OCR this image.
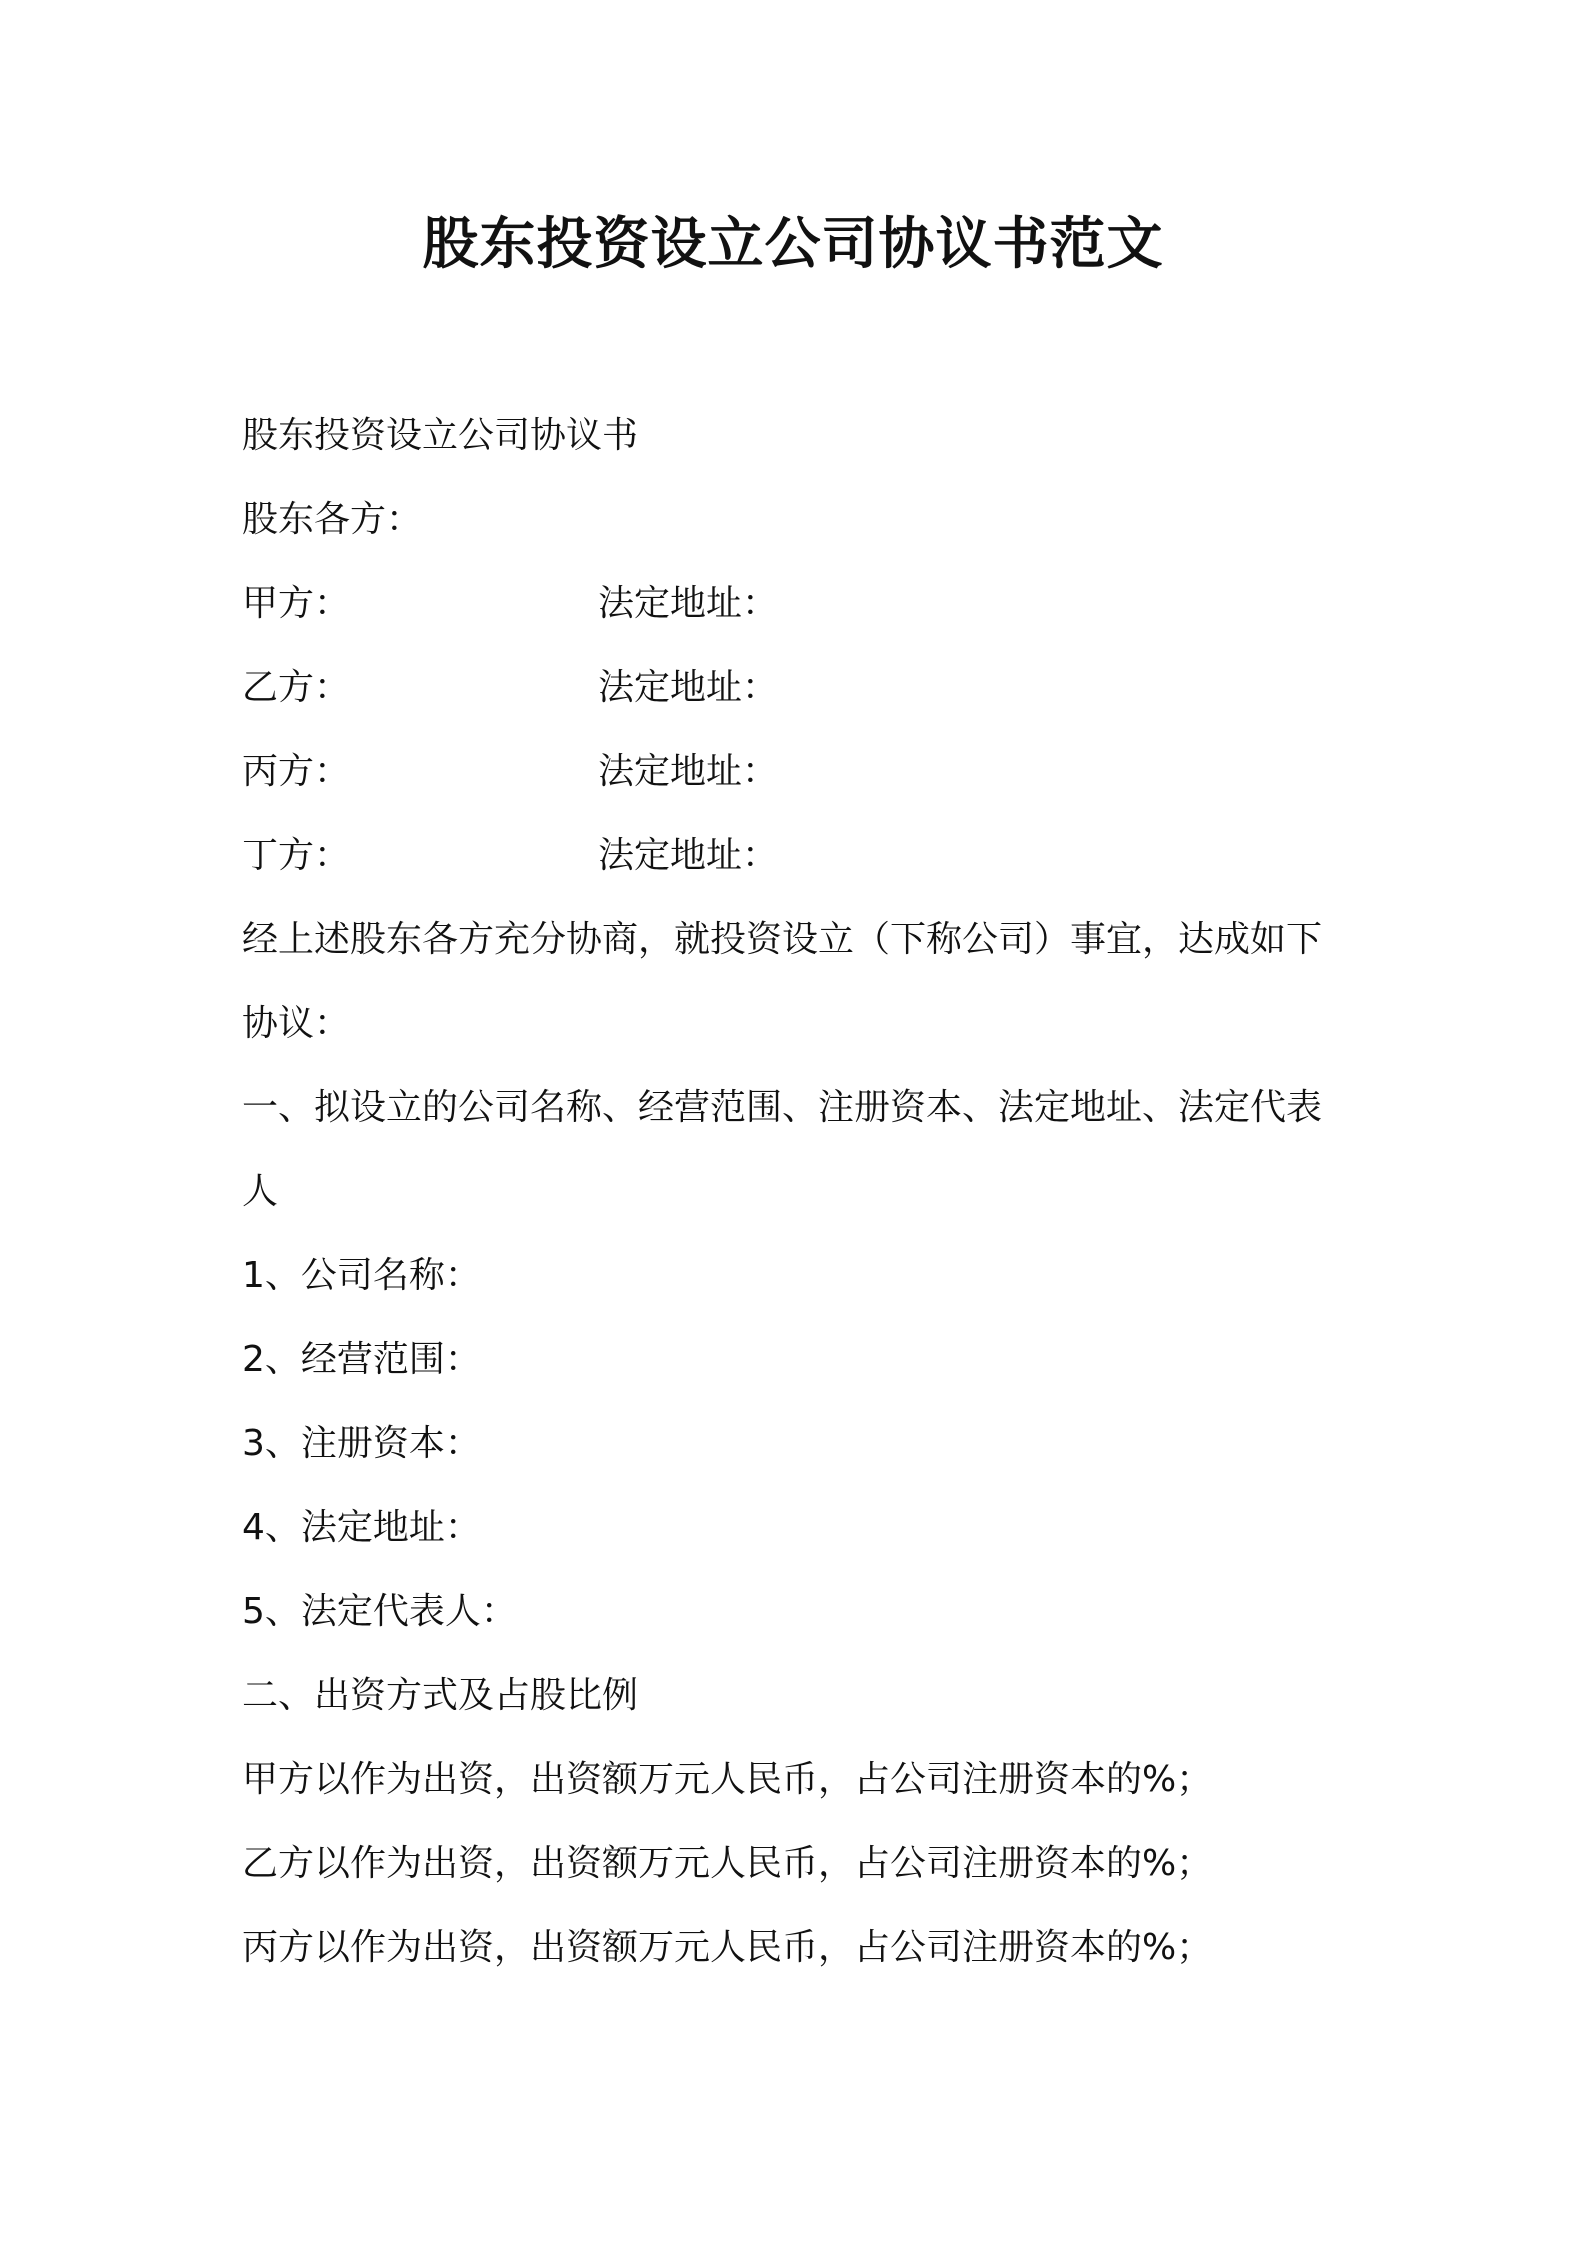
股东投资设立公司协议书范文
股东投资设立公司协议书
股东各方：
甲方：	法定地址：
乙方：	法定地址：
丙方：	法定地址：
丁方：	法定地址：
经上述股东各方充分协商，就投资设立（下称公司）事宜，达成如下
协议：
一、拟设立的公司名称、经营范围、注册资本、法定地址、法定代表
人
1、公司名称：
2、经营范围：
3、注册资本：
4、法定地址：
5、法定代表人：
二、出资方式及占股比例
甲方以作为出资，出资额万元人民币，占公司注册资本的%；
乙方以作为出资，出资额万元人民币，占公司注册资本的%；
丙方以作为出资，出资额万元人民币，占公司注册资本的%；
